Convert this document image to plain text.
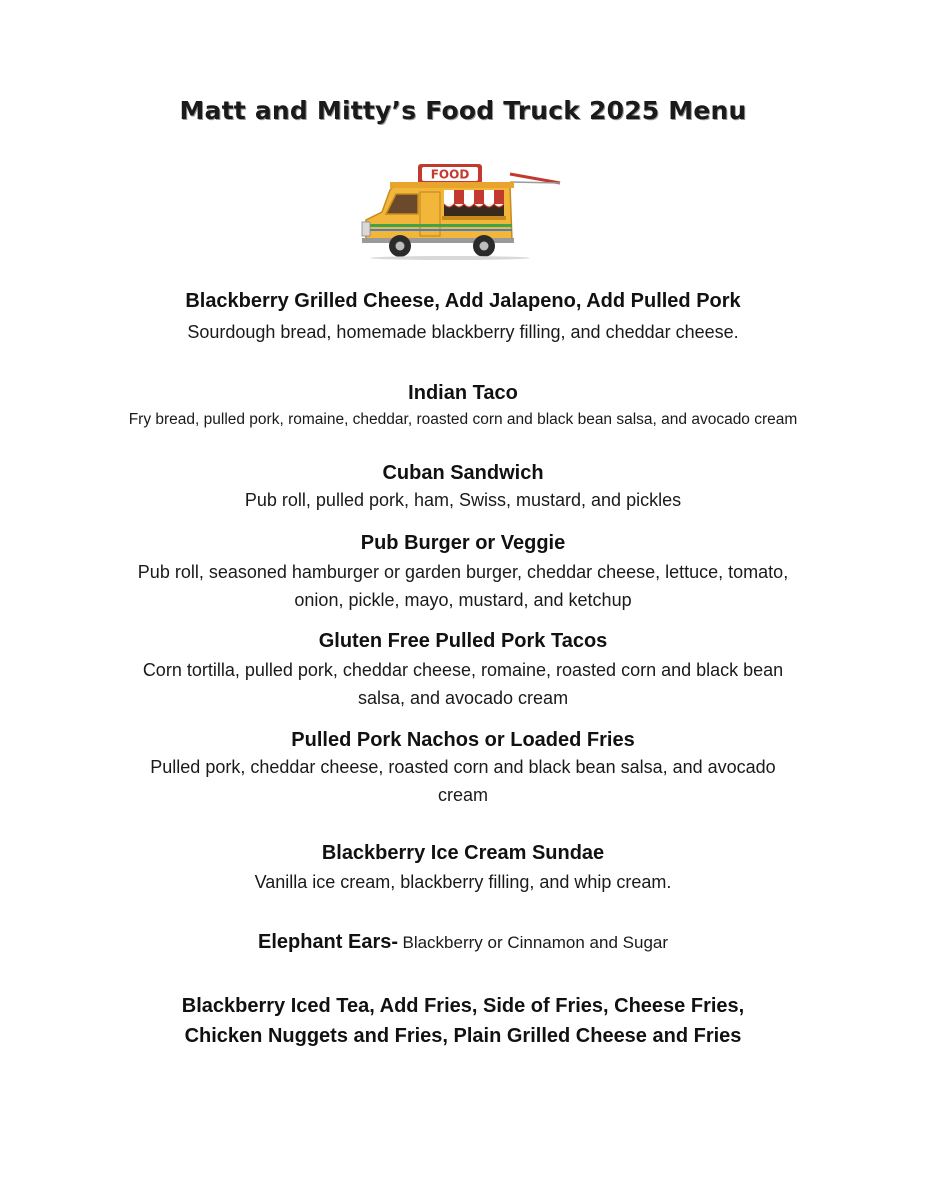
Matt and Mitty’s Food Truck 2025 Menu
FOOD
Blackberry Grilled Cheese, Add Jalapeno, Add Pulled Pork
Sourdough bread, homemade blackberry filling, and cheddar cheese.
Indian Taco
Fry bread, pulled pork, romaine, cheddar, roasted corn and black bean salsa, and avocado cream
Cuban Sandwich
Pub roll, pulled pork, ham, Swiss, mustard, and pickles
Pub Burger or Veggie
Pub roll, seasoned hamburger or garden burger, cheddar cheese, lettuce, tomato,
onion, pickle, mayo, mustard, and ketchup
Gluten Free Pulled Pork Tacos
Corn tortilla, pulled pork, cheddar cheese, romaine, roasted corn and black bean
salsa, and avocado cream
Pulled Pork Nachos or Loaded Fries
Pulled pork, cheddar cheese, roasted corn and black bean salsa, and avocado
cream
Blackberry Ice Cream Sundae
Vanilla ice cream, blackberry filling, and whip cream.
Elephant Ears- Blackberry or Cinnamon and Sugar
Blackberry Iced Tea, Add Fries, Side of Fries, Cheese Fries,
Chicken Nuggets and Fries, Plain Grilled Cheese and Fries
